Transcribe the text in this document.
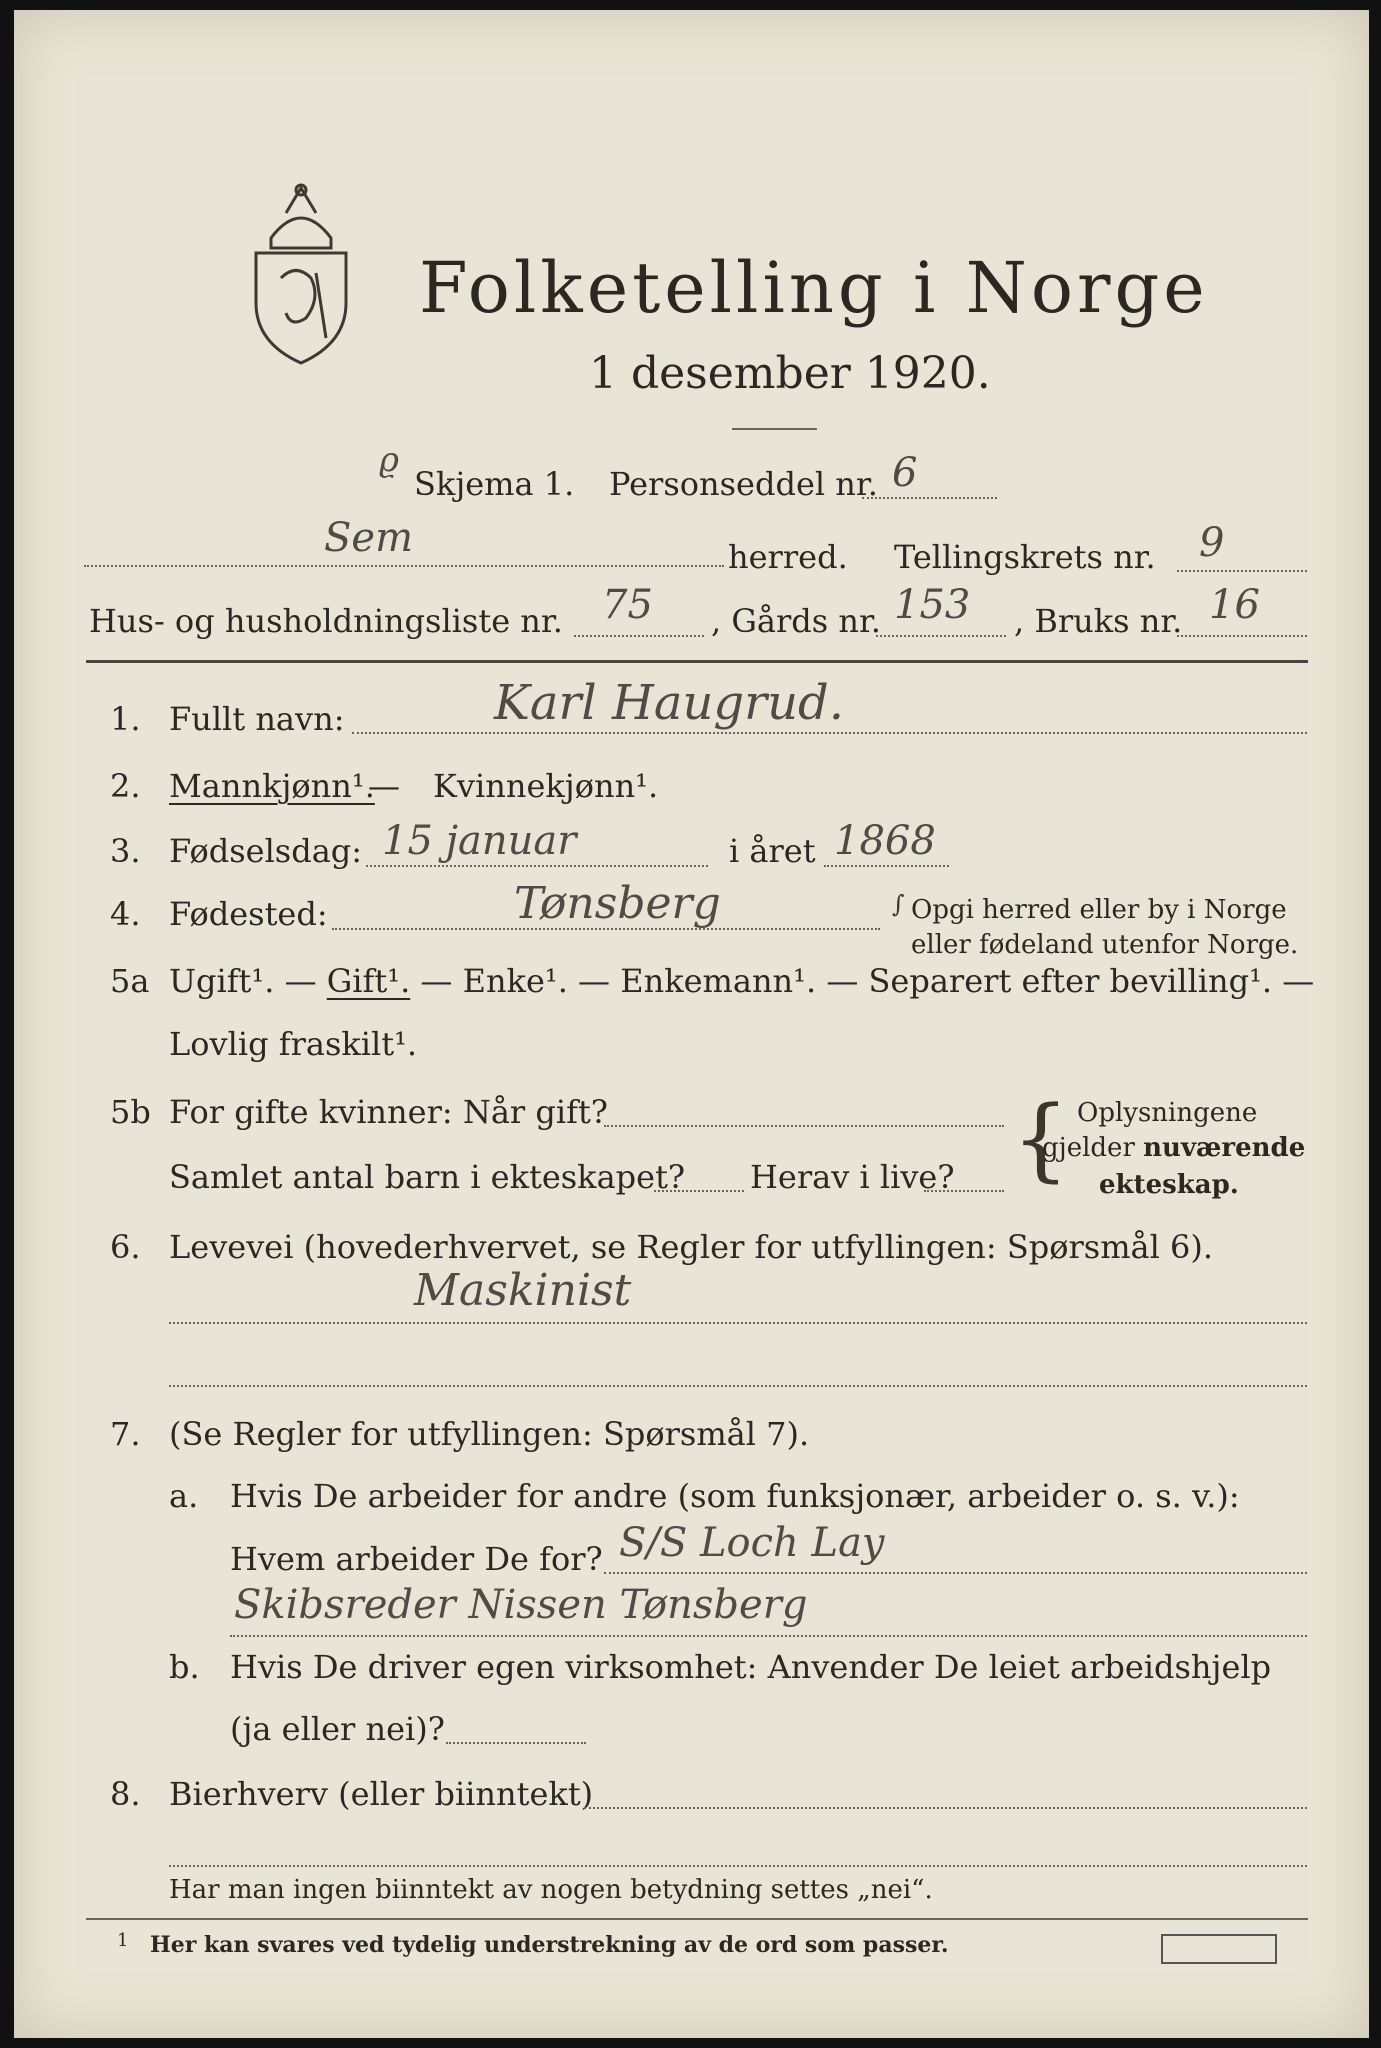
Folketelling i Norge
1 desember 1920.
ϱ
Skjema 1. Personseddel nr. 6
Sem	herred. Tellingskrets nr. 9
Hus- og husholdningsliste nr. 75 , Gårds nr. 153 , Bruks nr. 16
1. Fullt navn:	Karl Haugrud.
2. Mannkjønn¹.
— Kvinnekjønn¹.
3. Fødselsdag: 15 januar	i året 1868
4. Fødested:	Tønsberg	∫ Opgi herred eller by i Norge
eller fødeland utenfor Norge.
5a Ugift¹. — Gift¹. — Enke¹. — Enkemann¹. — Separert efter bevilling¹. —
Lovlig fraskilt¹.
5b For gifte kvinner: Når gift?
Samlet antal barn i ekteskapet? Herav i live? { Oplysningene
gjelder nuværende
ekteskap.
6. Levevei (hovederhvervet, se Regler for utfyllingen: Spørsmål 6).
Maskinist
7. (Se Regler for utfyllingen: Spørsmål 7).
a. Hvis De arbeider for andre (som funksjonær, arbeider o. s. v.):
Hvem arbeider De for? S/S Loch Lay
Skibsreder Nissen Tønsberg
b. Hvis De driver egen virksomhet: Anvender De leiet arbeidshjelp
(ja eller nei)?
8. Bierhverv (eller biinntekt)
Har man ingen biinntekt av nogen betydning settes „nei“.
1 Her kan svares ved tydelig understrekning av de ord som passer.
